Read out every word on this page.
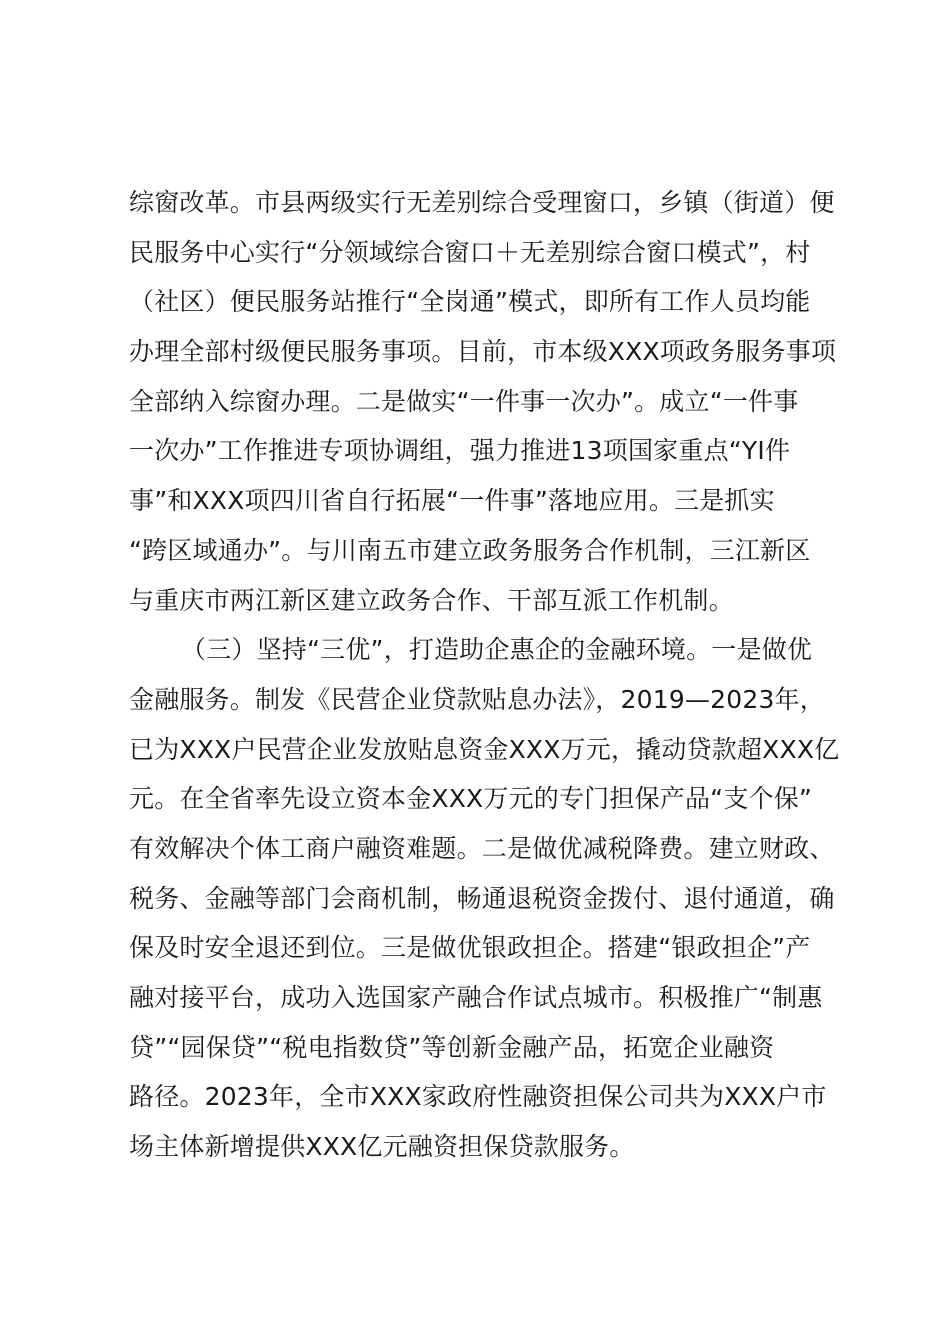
综窗改革。市县两级实行无差别综合受理窗口，乡镇（街道）便
民服务中心实行“分领域综合窗口＋无差别综合窗口模式”，村
（社区）便民服务站推行“全岗通”模式，即所有工作人员均能
办理全部村级便民服务事项。目前，市本级XXX项政务服务事项
全部纳入综窗办理。二是做实“一件事一次办”。成立“一件事
一次办”工作推进专项协调组，强力推进13项国家重点“YI件
事”和XXX项四川省自行拓展“一件事”落地应用。三是抓实
“跨区域通办”。与川南五市建立政务服务合作机制，三江新区
与重庆市两江新区建立政务合作、干部互派工作机制。
（三）坚持“三优”，打造助企惠企的金融环境。一是做优
金融服务。制发《民营企业贷款贴息办法》，2019—2023年，
已为XXX户民营企业发放贴息资金XXX万元，撬动贷款超XXX亿
元。在全省率先设立资本金XXX万元的专门担保产品“支个保”
有效解决个体工商户融资难题。二是做优减税降费。建立财政、
税务、金融等部门会商机制，畅通退税资金拨付、退付通道，确
保及时安全退还到位。三是做优银政担企。搭建“银政担企”产
融对接平台，成功入选国家产融合作试点城市。积极推广“制惠
贷”“园保贷”“税电指数贷”等创新金融产品，拓宽企业融资
路径。2023年，全市XXX家政府性融资担保公司共为XXX户市
场主体新增提供XXX亿元融资担保贷款服务。
